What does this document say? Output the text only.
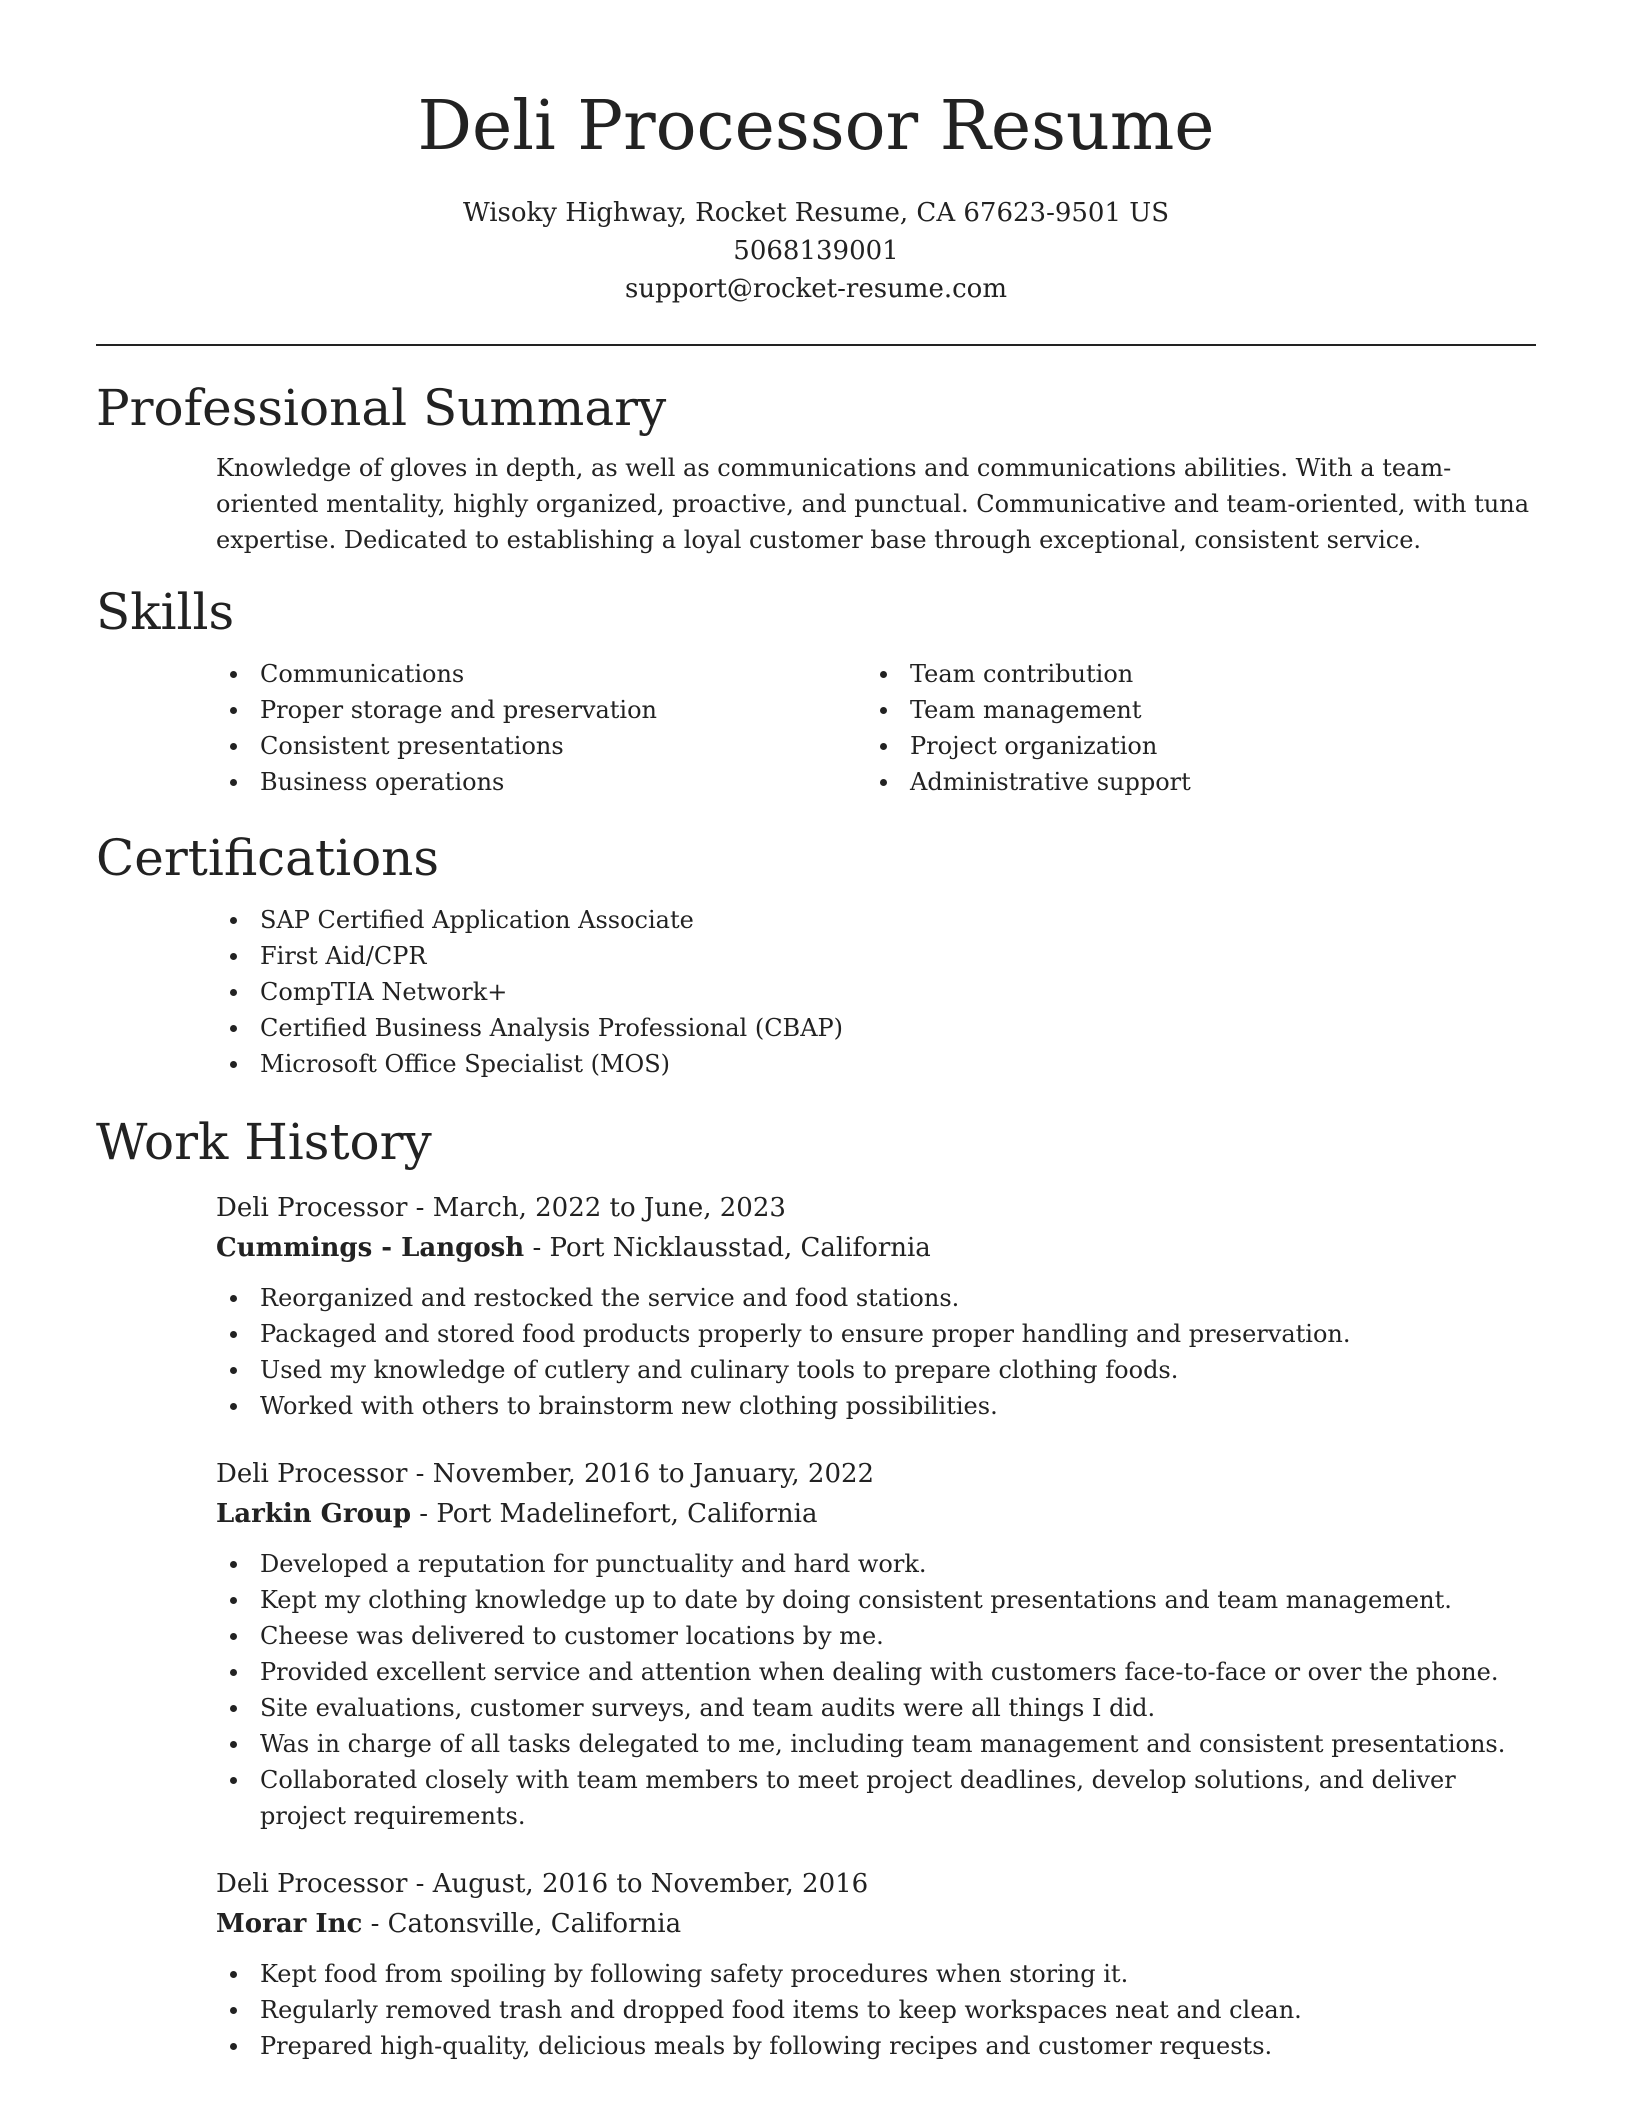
Deli Processor Resume
Wisoky Highway, Rocket Resume, CA 67623-9501 US
5068139001
support@rocket-resume.com
Professional Summary
Knowledge of gloves in depth, as well as communications and communications abilities. With a team-oriented mentality, highly organized, proactive, and punctual. Communicative and team-oriented, with tuna expertise. Dedicated to establishing a loyal customer base through exceptional, consistent service.
Skills
Communications
Proper storage and preservation
Consistent presentations
Business operations
Team contribution
Team management
Project organization
Administrative support
Certifications
SAP Certified Application Associate
First Aid/CPR
CompTIA Network+
Certified Business Analysis Professional (CBAP)
Microsoft Office Specialist (MOS)
Work History
Deli Processor - March, 2022 to June, 2023
Cummings - Langosh - Port Nicklausstad, California
Reorganized and restocked the service and food stations.
Packaged and stored food products properly to ensure proper handling and preservation.
Used my knowledge of cutlery and culinary tools to prepare clothing foods.
Worked with others to brainstorm new clothing possibilities.
Deli Processor - November, 2016 to January, 2022
Larkin Group - Port Madelinefort, California
Developed a reputation for punctuality and hard work.
Kept my clothing knowledge up to date by doing consistent presentations and team management.
Cheese was delivered to customer locations by me.
Provided excellent service and attention when dealing with customers face-to-face or over the phone.
Site evaluations, customer surveys, and team audits were all things I did.
Was in charge of all tasks delegated to me, including team management and consistent presentations.
Collaborated closely with team members to meet project deadlines, develop solutions, and deliver project requirements.
Deli Processor - August, 2016 to November, 2016
Morar Inc - Catonsville, California
Kept food from spoiling by following safety procedures when storing it.
Regularly removed trash and dropped food items to keep workspaces neat and clean.
Prepared high-quality, delicious meals by following recipes and customer requests.
